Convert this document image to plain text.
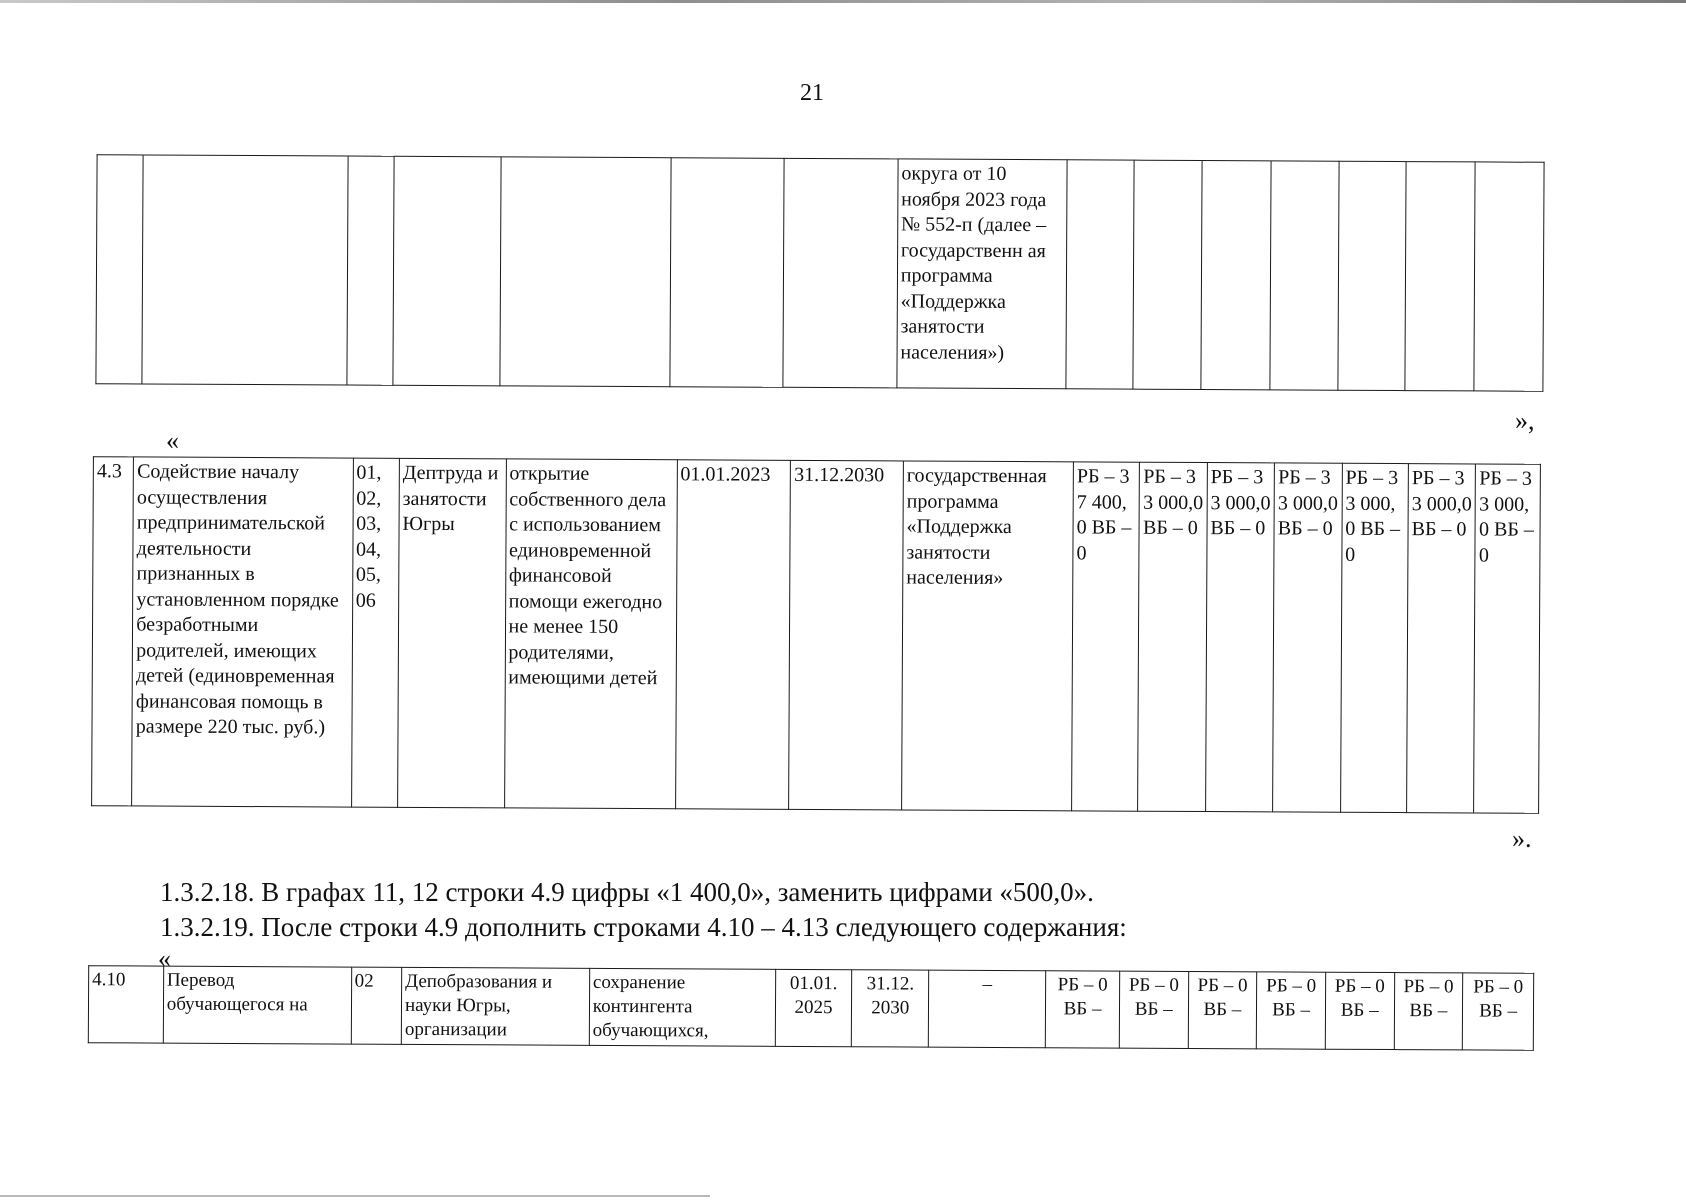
21
							округа от 10 ноября 2023 года № 552-п (далее – государственн ая программа «Поддержка занятости населения»)							
«
»,
4.3	Содействие началу осуществления предпринимательской деятельности признанных в установленном порядке безработными родителей, имеющих детей (единовременная финансовая помощь в размере 220 тыс. руб.)	01, 02, 03, 04, 05, 06	Дептруда и занятости Югры	открытие собственного дела с использованием единовременной финансовой помощи ежегодно не менее 150 родителями, имеющими детей	01.01.2023	31.12.2030	государственная программа «Поддержка занятости населения»	РБ – 37 400,0 ВБ – 0	РБ – 33 000,0 ВБ – 0	РБ – 33 000,0 ВБ – 0	РБ – 33 000,0 ВБ – 0	РБ – 33 000,0 ВБ – 0	РБ – 33 000,0 ВБ – 0	РБ – 33 000,0 ВБ – 0
».
1.3.2.18. В графах 11, 12 строки 4.9 цифры «1 400,0», заменить цифрами «500,0».
1.3.2.19. После строки 4.9 дополнить строками 4.10 – 4.13 следующего содержания:
«
4.10	Перевод обучающегося на	02	Депобразования и науки Югры, организации	сохранение контингента обучающихся,	01.01. 2025	31.12. 2030	–	РБ – 0 ВБ –	РБ – 0 ВБ –	РБ – 0 ВБ –	РБ – 0 ВБ –	РБ – 0 ВБ –	РБ – 0 ВБ –	РБ – 0 ВБ –
